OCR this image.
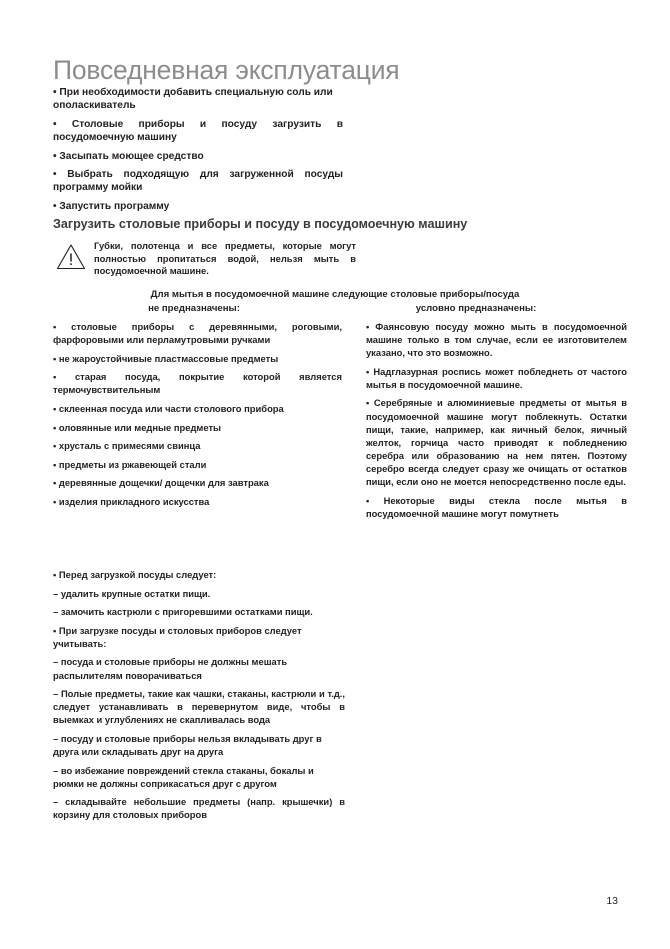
Повседневная эксплуатация

• При необходимости добавить специальную соль или ополаскиватель

• Столовые приборы и посуду загрузить в посудомоечную машину

• Засыпать моющее средство

• Выбрать подходящую для загруженной посуды программу мойки

• Запустить программу

Загрузить столовые приборы и посуду в посудомоечную машину
Губки, полотенца и все предметы, которые могут полностью пропитаться водой, нельзя мыть в посудомоечной машине.
Для мытья в посудомоечной машине следующие столовые приборы/посуда
не предназначены:	условно предназначены:

• столовые приборы с деревянными, роговыми, фарфоровыми или перламутровыми ручками

• не жароустойчивые пластмассовые предметы

• старая посуда, покрытие которой является термочувствительным

• склеенная посуда или части столового прибора

• оловянные или медные предметы

• хрусталь с примесями свинца

• предметы из ржавеющей стали

• деревянные дощечки/ дощечки для завтрака

• изделия прикладного искусства

• Фаянсовую посуду можно мыть в посудомоечной машине только в том случае, если ее изготовителем указано, что это возможно.

• Надглазурная роспись может побледнеть от частого мытья в посудомоечной машине.

• Серебряные и алюминиевые предметы от мытья в посудомоечной машине могут поблекнуть. Остатки пищи, такие, например, как яичный белок, яичный желток, горчица часто приводят к побледнению серебра или образованию на нем пятен. Поэтому серебро всегда следует сразу же очищать от остатков пищи, если оно не моется непосредственно после еды.

• Некоторые виды стекла после мытья в посудомоечной машине могут помутнеть

• Перед загрузкой посуды следует:

– удалить крупные остатки пищи.

– замочить кастрюли с пригоревшими остатками пищи.

• При загрузке посуды и столовых приборов следует учитывать:

– посуда и столовые приборы не должны мешать распылителям поворачиваться

– Полые предметы, такие как чашки, стаканы, кастрюли и т.д., следует устанавливать в перевернутом виде, чтобы в выемках и углублениях не скапливалась вода

– посуду и столовые приборы нельзя вкладывать друг в друга или складывать друг на друга

– во избежание повреждений стекла стаканы, бокалы и рюмки не должны соприкасаться друг с другом

– складывайте небольшие предметы (напр. крышечки) в корзину для столовых приборов

13
